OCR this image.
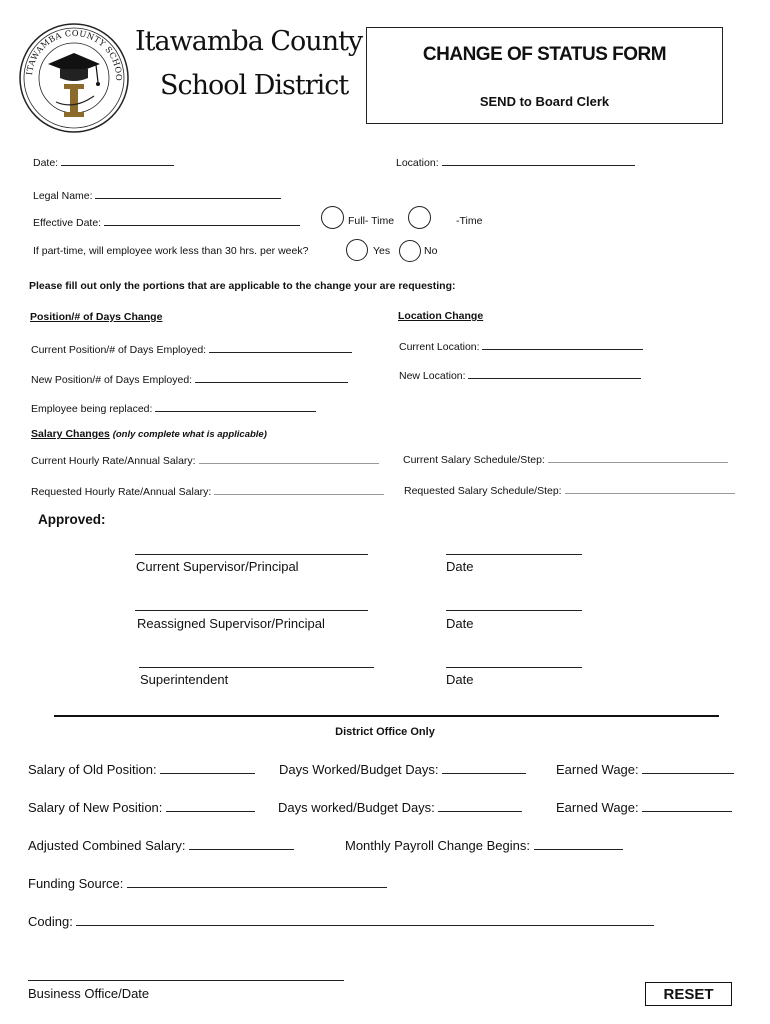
ITAWAMBA COUNTY SCHOO
Itawamba County
School District
CHANGE OF STATUS FORM
SEND to Board Clerk
Date:	Location:
Legal Name:
Effective Date:	Full- Time	-Time
If part-time, will employee work less than 30 hrs. per week?	Yes	No
Please fill out only the portions that are applicable to the change your are requesting:
Position/# of Days Change	Location Change
Current Position/# of Days Employed:	Current Location:
New Position/# of Days Employed:	New Location:
Employee being replaced:
Salary Changes (only complete what is applicable)
Current Hourly Rate/Annual Salary:	Current Salary Schedule/Step:
Requested Hourly Rate/Annual Salary:	Requested Salary Schedule/Step:
Approved:
Current Supervisor/Principal	Date
Reassigned Supervisor/Principal	Date
Superintendent	Date
District Office Only
Salary of Old Position:	Days Worked/Budget Days:	Earned Wage:
Salary of New Position:	Days worked/Budget Days:	Earned Wage:
Adjusted Combined Salary:	Monthly Payroll Change Begins:
Funding Source:
Coding:
Business Office/Date	RESET
